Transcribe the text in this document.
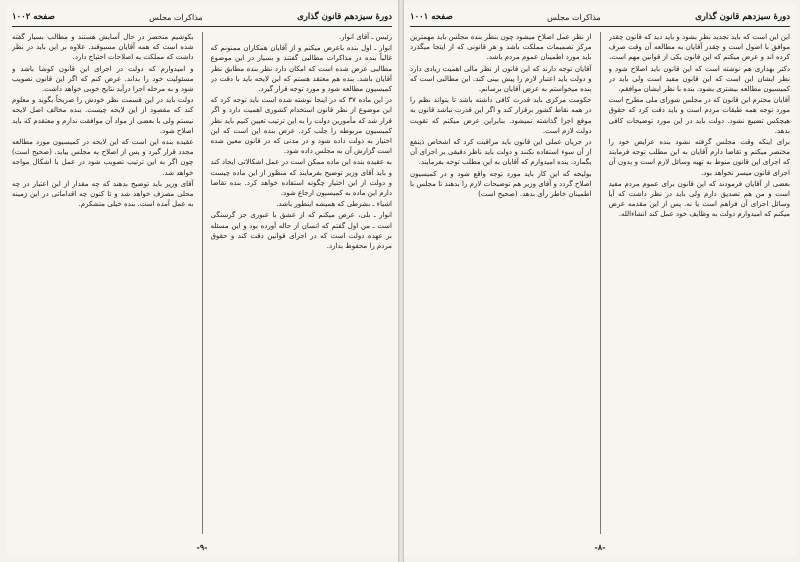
دورهٔ سیزدهم قانون گذاری
مذاکرات مجلس
صفحه ۱۰۰۱

این این است که باید تجدید نظر بشود و باید دید که قانون چقدر موافق با اصول است و چقدر آقایان به مطالعه آن وقت صرف کرده اند و عرض میکنم که این قانون یکی از قوانین مهم است.

دکتر بهداری هم نوشته است که این قانون باید اصلاح شود و نظر ایشان این است که این قانون مفید است ولی باید در کمیسیون مطالعه بیشتری بشود. بنده با نظر ایشان موافقم.

آقایان محترم این قانون که در مجلس شورای ملی مطرح است مورد توجه همه طبقات مردم است و باید دقت کرد که حقوق هیچکس تضییع نشود. دولت باید در این مورد توضیحات کافی بدهد.

برای اینکه وقت مجلس گرفته نشود بنده عرایض خود را مختصر میکنم و تقاضا دارم آقایان به این مطلب توجه فرمایند که اجرای این قانون منوط به تهیه وسائل لازم است و بدون آن اجرای قانون میسر نخواهد بود.

بعضی از آقایان فرمودند که این قانون برای عموم مردم مفید است و من هم تصدیق دارم ولی باید در نظر داشت که آیا وسائل اجرای آن فراهم است یا نه. پس از این مقدمه عرض میکنم که امیدوارم دولت به وظایف خود عمل کند انشاءالله.

از نظر عمل اصلاح میشود چون بنظر بنده مجلس باید مهمترین مرکز تصمیمات مملکت باشد و هر قانونی که از اینجا میگذرد باید مورد اطمینان عموم مردم باشد.

آقایان توجه دارند که این قانون از نظر مالی اهمیت زیادی دارد و دولت باید اعتبار لازم را پیش بینی کند. این مطالبی است که بنده میخواستم به عرض آقایان برسانم.

حکومت مرکزی باید قدرت کافی داشته باشد تا بتواند نظم را در همه نقاط کشور برقرار کند و اگر این قدرت نباشد قانون به موقع اجرا گذاشته نمیشود. بنابراین عرض میکنم که تقویت دولت لازم است.

در جریان عملی این قانون باید مراقبت کرد که اشخاص ذینفع از آن سوء استفاده نکنند و دولت باید ناظر دقیقی بر اجرای آن بگمارد. بنده امیدوارم که آقایان به این مطلب توجه بفرمایند.

بولیحه که این کار باید مورد توجه واقع شود و در کمیسیون اصلاح گردد و آقای وزیر هم توضیحات لازم را بدهند تا مجلس با اطمینان خاطر رأی بدهد. (صحیح است)

-۸-
دورهٔ سیزدهم قانون گذاری
مذاکرات مجلس
صفحه ۱۰۰۲

رئیس ـ آقای انوار.

انوار ـ اول بنده باعرض میکنم و از آقایان همکاران ممنونم که غالباً بنده در مذاکرات مطالبی گفتند و بسیار در این موضوع مطالبی عرض شده است که امکان دارد نظر بنده مطابق نظر آقایان باشد. بنده هم معتقد هستم که این لایحه باید با دقت در کمیسیون مطالعه شود و مورد توجه قرار گیرد.

در این ماده ۳۷ که در اینجا نوشته شده است باید توجه کرد که این موضوع از نظر قانون استخدام کشوری اهمیت دارد و اگر قرار شد که مأمورین دولت را به این ترتیب تعیین کنیم باید نظر کمیسیون مربوطه را جلب کرد. عرض بنده این است که این اختیار به دولت داده شود و در مدتی که در قانون معین شده است گزارش آن به مجلس داده شود.

به عقیده بنده این ماده ممکن است در عمل اشکالاتی ایجاد کند و باید آقای وزیر توضیح بفرمایند که منظور از این ماده چیست و دولت از این اختیار چگونه استفاده خواهد کرد. بنده تقاضا دارم این ماده به کمیسیون ارجاع شود.

اشیاء ـ بشرطی که همیشه اینطور باشد.

انوار ـ بلی، عرض میکنم که از عشق با عبوری جز گرسنگی است ـ من اول گفتم که انسان از حاله آورده بود و این مسئله بر عهده دولت است که در اجرای قوانین دقت کند و حقوق مردم را محفوظ بدارد.

بکوشیم منحصر در حال آسایش هستند و مطالب بسیار گفته شده است که همه آقایان مسبوقند. علاوه بر این باید در نظر داشت که مملکت به اصلاحات احتیاج دارد.

و امیدوارم که دولت در اجرای این قانون کوشا باشد و مسئولیت خود را بداند. عرض کنم که اگر این قانون تصویب شود و به مرحله اجرا درآید نتایج خوبی خواهد داشت.

دولت باید در این قسمت نظر خودش را صریحاً بگوید و معلوم کند که مقصود از این لایحه چیست. بنده مخالف اصل لایحه نیستم ولی با بعضی از مواد آن موافقت ندارم و معتقدم که باید اصلاح شود.

عقیده بنده این است که این لایحه در کمیسیون مورد مطالعه مجدد قرار گیرد و پس از اصلاح به مجلس بیاید. (صحیح است) چون اگر به این ترتیب تصویب شود در عمل با اشکال مواجه خواهد شد.

آقای وزیر باید توضیح بدهند که چه مقدار از این اعتبار در چه محلی مصرف خواهد شد و تا کنون چه اقداماتی در این زمینه به عمل آمده است. بنده خیلی متشکرم.

-۹-
